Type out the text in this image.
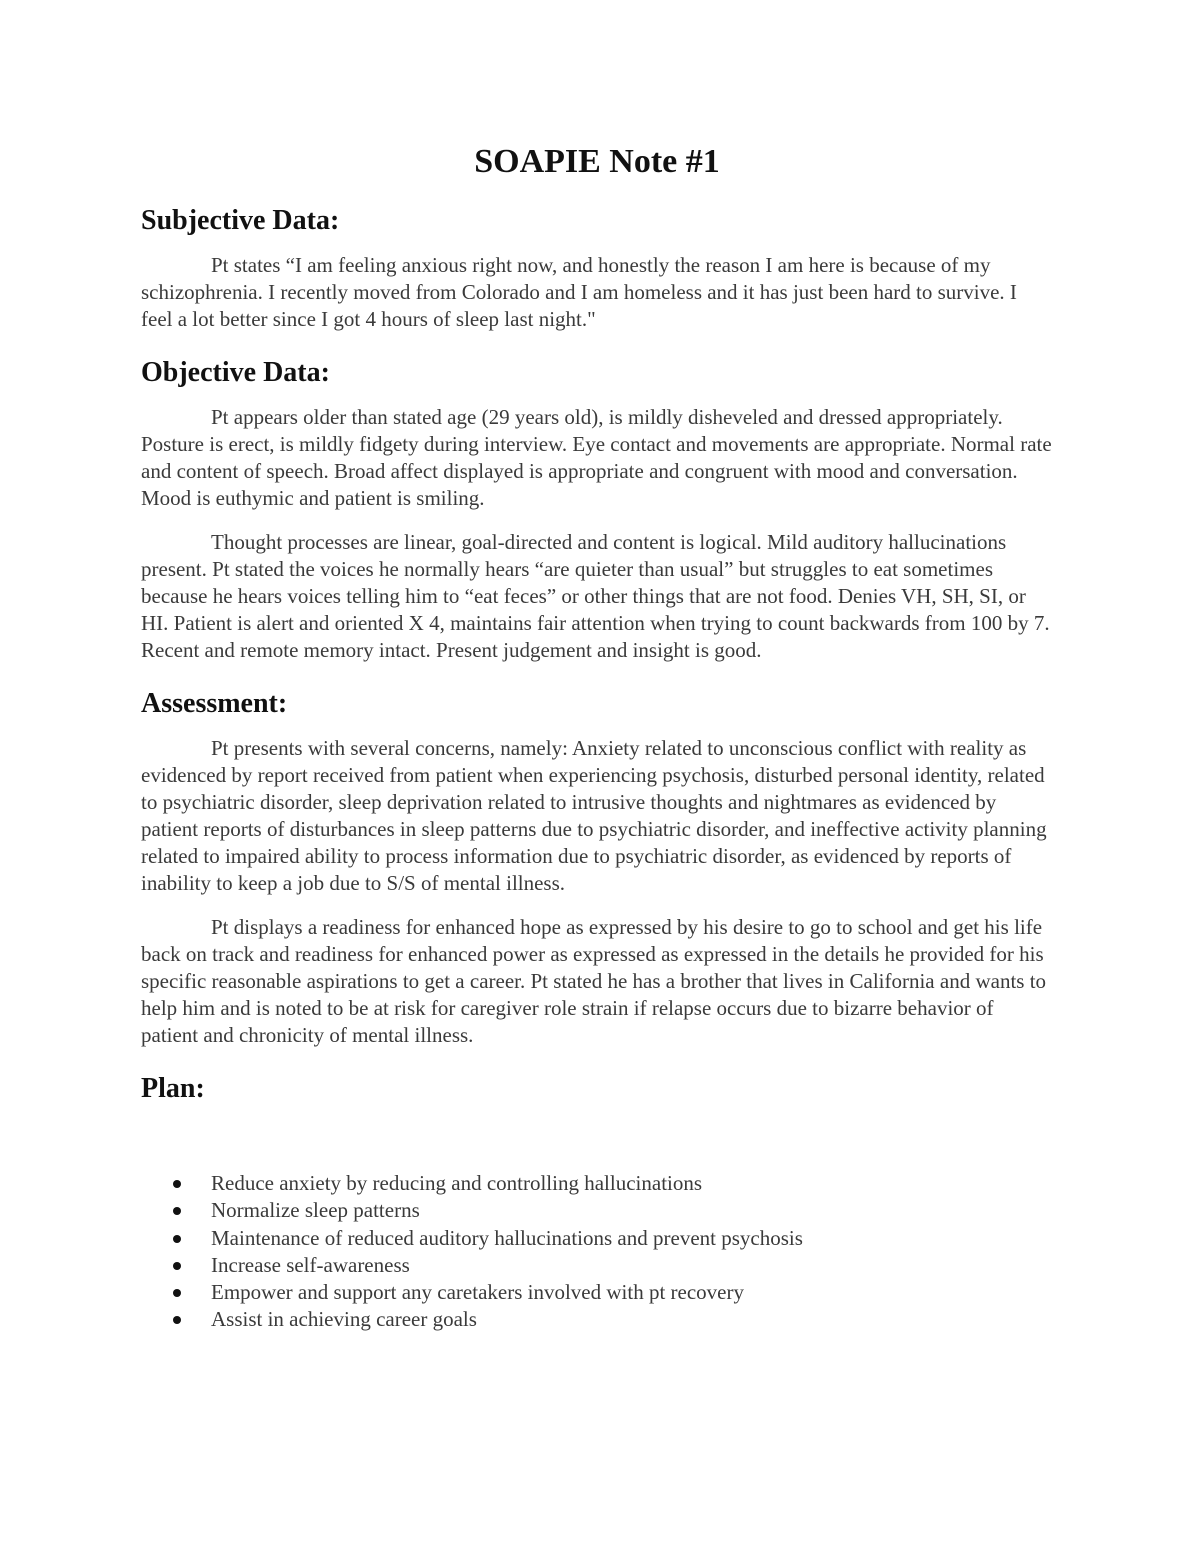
SOAPIE Note #1
Subjective Data:

Pt states “I am feeling anxious right now, and honestly the reason I am here is because of my schizophrenia. I recently moved from Colorado and I am homeless and it has just been hard to survive. I feel a lot better since I got 4 hours of sleep last night."

Objective Data:

Pt appears older than stated age (29 years old), is mildly disheveled and dressed appropriately. Posture is erect, is mildly fidgety during interview. Eye contact and movements are appropriate. Normal rate and content of speech. Broad affect displayed is appropriate and congruent with mood and conversation. Mood is euthymic and patient is smiling.

Thought processes are linear, goal-directed and content is logical. Mild auditory hallucinations present. Pt stated the voices he normally hears “are quieter than usual” but struggles to eat sometimes because he hears voices telling him to “eat feces” or other things that are not food. Denies VH, SH, SI, or HI. Patient is alert and oriented X 4, maintains fair attention when trying to count backwards from 100 by 7. Recent and remote memory intact. Present judgement and insight is good.

Assessment:

Pt presents with several concerns, namely: Anxiety related to unconscious conflict with reality as evidenced by report received from patient when experiencing psychosis, disturbed personal identity, related to psychiatric disorder, sleep deprivation related to intrusive thoughts and nightmares as evidenced by patient reports of disturbances in sleep patterns due to psychiatric disorder, and ineffective activity planning related to impaired ability to process information due to psychiatric disorder, as evidenced by reports of inability to keep a job due to S/S of mental illness.

Pt displays a readiness for enhanced hope as expressed by his desire to go to school and get his life back on track and readiness for enhanced power as expressed as expressed in the details he provided for his specific reasonable aspirations to get a career. Pt stated he has a brother that lives in California and wants to help him and is noted to be at risk for caregiver role strain if relapse occurs due to bizarre behavior of patient and chronicity of mental illness.

Plan:
Reduce anxiety by reducing and controlling hallucinations
Normalize sleep patterns
Maintenance of reduced auditory hallucinations and prevent psychosis
Increase self-awareness
Empower and support any caretakers involved with pt recovery
Assist in achieving career goals
